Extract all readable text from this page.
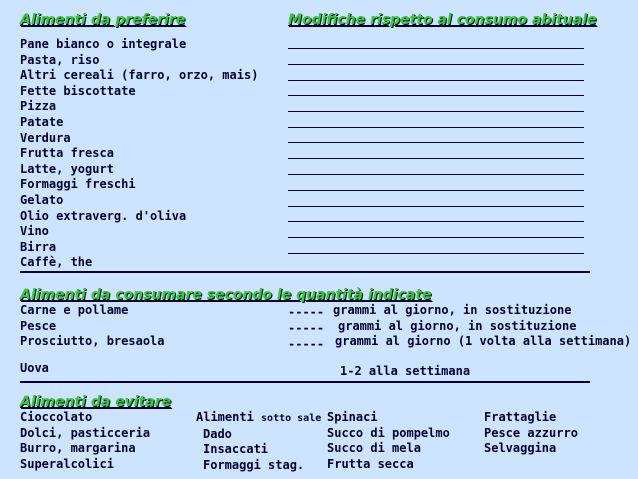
Alimenti da preferire	Modifiche rispetto al consumo abituale
Pane bianco o integrale
Pasta, riso
Altri cereali (farro, orzo, mais)
Fette biscottate
Pizza
Patate
Verdura
Frutta fresca
Latte, yogurt
Formaggi freschi
Gelato
Olio extraverg. d'oliva
Vino
Birra
Caffè, the
Alimenti da consumare secondo le quantità indicate
Carne e pollame
Pesce
Prosciutto, bresaola
-----
-----
-----
grammi al giorno, in sostituzione
grammi al giorno, in sostituzione
grammi al giorno (1 volta alla settimana)
Uova	1-2 alla settimana
Alimenti da evitare
Cioccolato
Dolci, pasticceria
Burro, margarina
Superalcolici
Alimenti sotto sale
Dado
Insaccati
Formaggi stag.
Spinaci
Succo di pompelmo
Succo di mela
Frutta secca
Frattaglie
Pesce azzurro
Selvaggina
